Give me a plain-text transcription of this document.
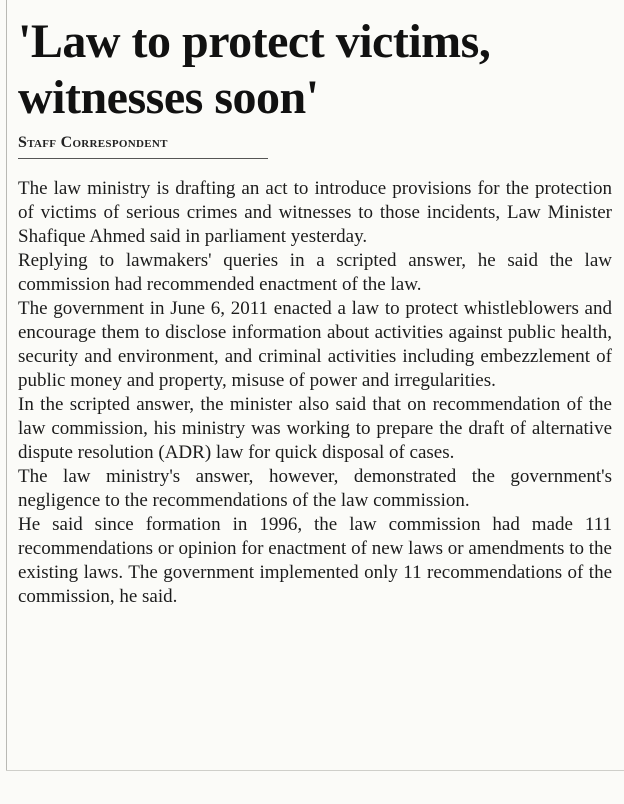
'Law to protect victims, witnesses soon'
Staff Correspondent

The law ministry is drafting an act to introduce provisions for the protection of victims of serious crimes and witnesses to those incidents, Law Minister Shafique Ahmed said in parliament yesterday.

Replying to lawmakers' queries in a scripted answer, he said the law commission had recommended enactment of the law.

The government in June 6, 2011 enacted a law to protect whistleblowers and encourage them to disclose information about activities against public health, security and environment, and criminal activities including embezzlement of public money and property, misuse of power and irregularities.

In the scripted answer, the minister also said that on recommendation of the law commission, his ministry was working to prepare the draft of alternative dispute resolution (ADR) law for quick disposal of cases.

The law ministry's answer, however, demonstrated the government's negligence to the recommendations of the law commission.

He said since formation in 1996, the law commission had made 111 recommendations or opinion for enactment of new laws or amendments to the existing laws. The government implemented only 11 recommendations of the commission, he said.
